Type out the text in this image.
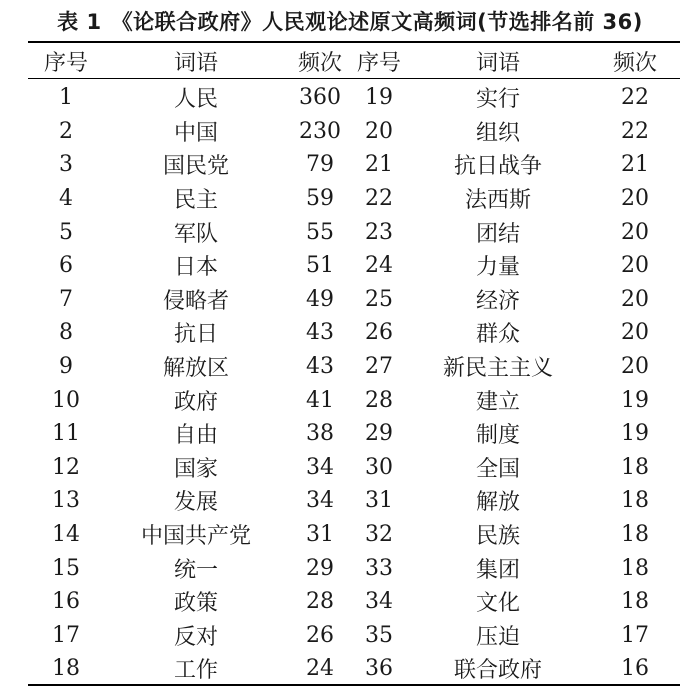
表 1 《论联合政府》人民观论述原文高频词(节选排名前 36)
序号	词语	频次	序号	词语	频次
1	人民	360	19	实行	22
2	中国	230	20	组织	22
3	国民党	79	21	抗日战争	21
4	民主	59	22	法西斯	20
5	军队	55	23	团结	20
6	日本	51	24	力量	20
7	侵略者	49	25	经济	20
8	抗日	43	26	群众	20
9	解放区	43	27	新民主主义	20
10	政府	41	28	建立	19
11	自由	38	29	制度	19
12	国家	34	30	全国	18
13	发展	34	31	解放	18
14	中国共产党	31	32	民族	18
15	统一	29	33	集团	18
16	政策	28	34	文化	18
17	反对	26	35	压迫	17
18	工作	24	36	联合政府	16
